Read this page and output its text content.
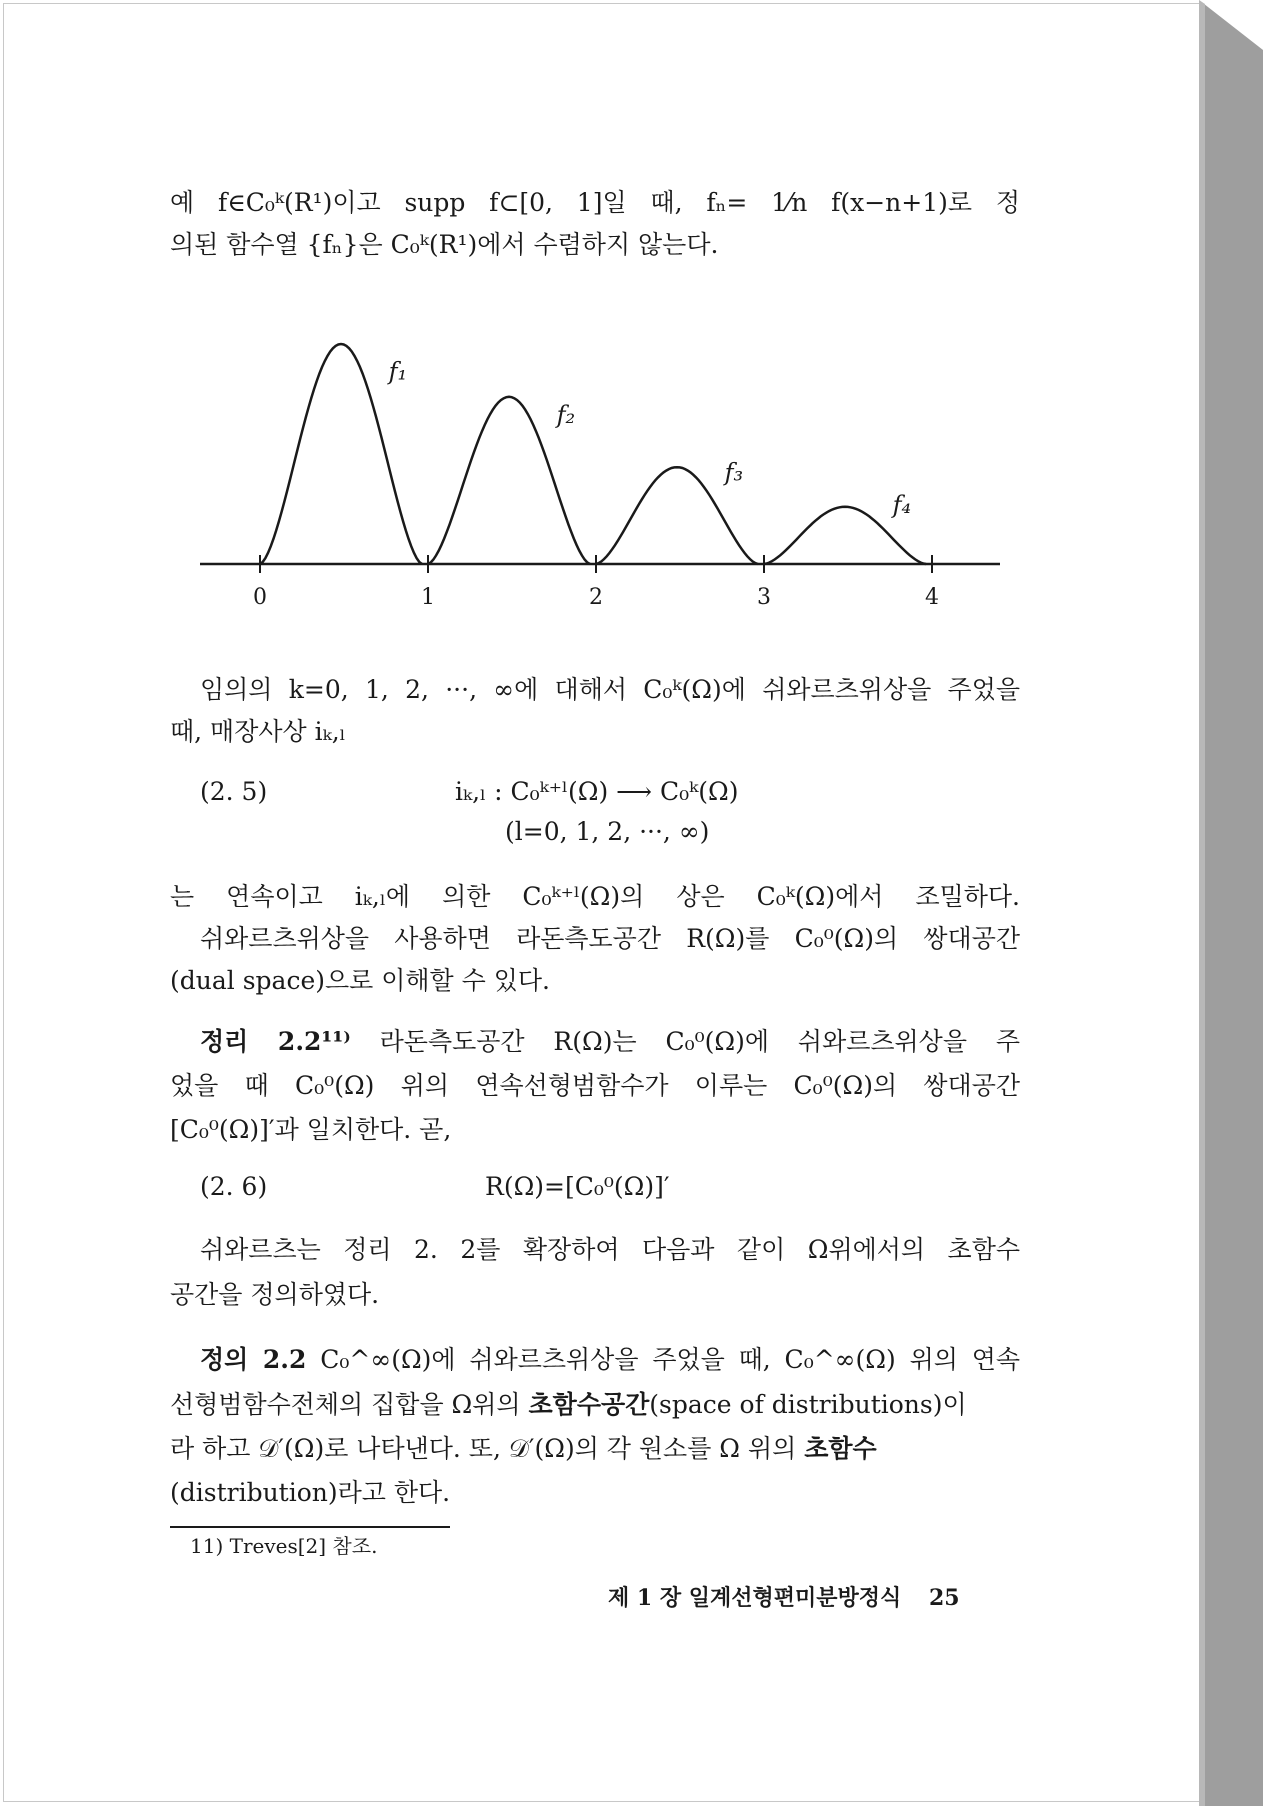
예 f∈C₀ᵏ(R¹)이고 supp f⊂[0, 1]일 때, fₙ= 1⁄n f(x−n+1)로 정
의된 함수열 {fₙ}은 C₀ᵏ(R¹)에서 수렴하지 않는다.
f₁
f₂
f₃
f₄
0	1	2	3	4
임의의 k=0, 1, 2, ···, ∞에 대해서 C₀ᵏ(Ω)에 쉬와르츠위상을 주었을
때, 매장사상 iₖ,ₗ
(2. 5)	iₖ,ₗ : C₀ᵏ⁺ˡ(Ω) ⟶ C₀ᵏ(Ω)
(l=0, 1, 2, ···, ∞)
는 연속이고 iₖ,ₗ에 의한 C₀ᵏ⁺ˡ(Ω)의 상은 C₀ᵏ(Ω)에서 조밀하다.
쉬와르츠위상을 사용하면 라돈측도공간 R(Ω)를 C₀⁰(Ω)의 쌍대공간
(dual space)으로 이해할 수 있다.
정리 2.2¹¹⁾ 라돈측도공간 R(Ω)는 C₀⁰(Ω)에 쉬와르츠위상을 주
었을 때 C₀⁰(Ω) 위의 연속선형범함수가 이루는 C₀⁰(Ω)의 쌍대공간
[C₀⁰(Ω)]′과 일치한다. 곧,
(2. 6)	R(Ω)=[C₀⁰(Ω)]′
쉬와르츠는 정리 2. 2를 확장하여 다음과 같이 Ω위에서의 초함수
공간을 정의하였다.
정의 2.2 C₀^∞(Ω)에 쉬와르츠위상을 주었을 때, C₀^∞(Ω) 위의 연속
선형범함수전체의 집합을 Ω위의 초함수공간(space of distributions)이
라 하고 𝒟′(Ω)로 나타낸다. 또, 𝒟′(Ω)의 각 원소를 Ω 위의 초함수
(distribution)라고 한다.
11) Treves[2] 참조.
제 1 장 일계선형편미분방정식 25
